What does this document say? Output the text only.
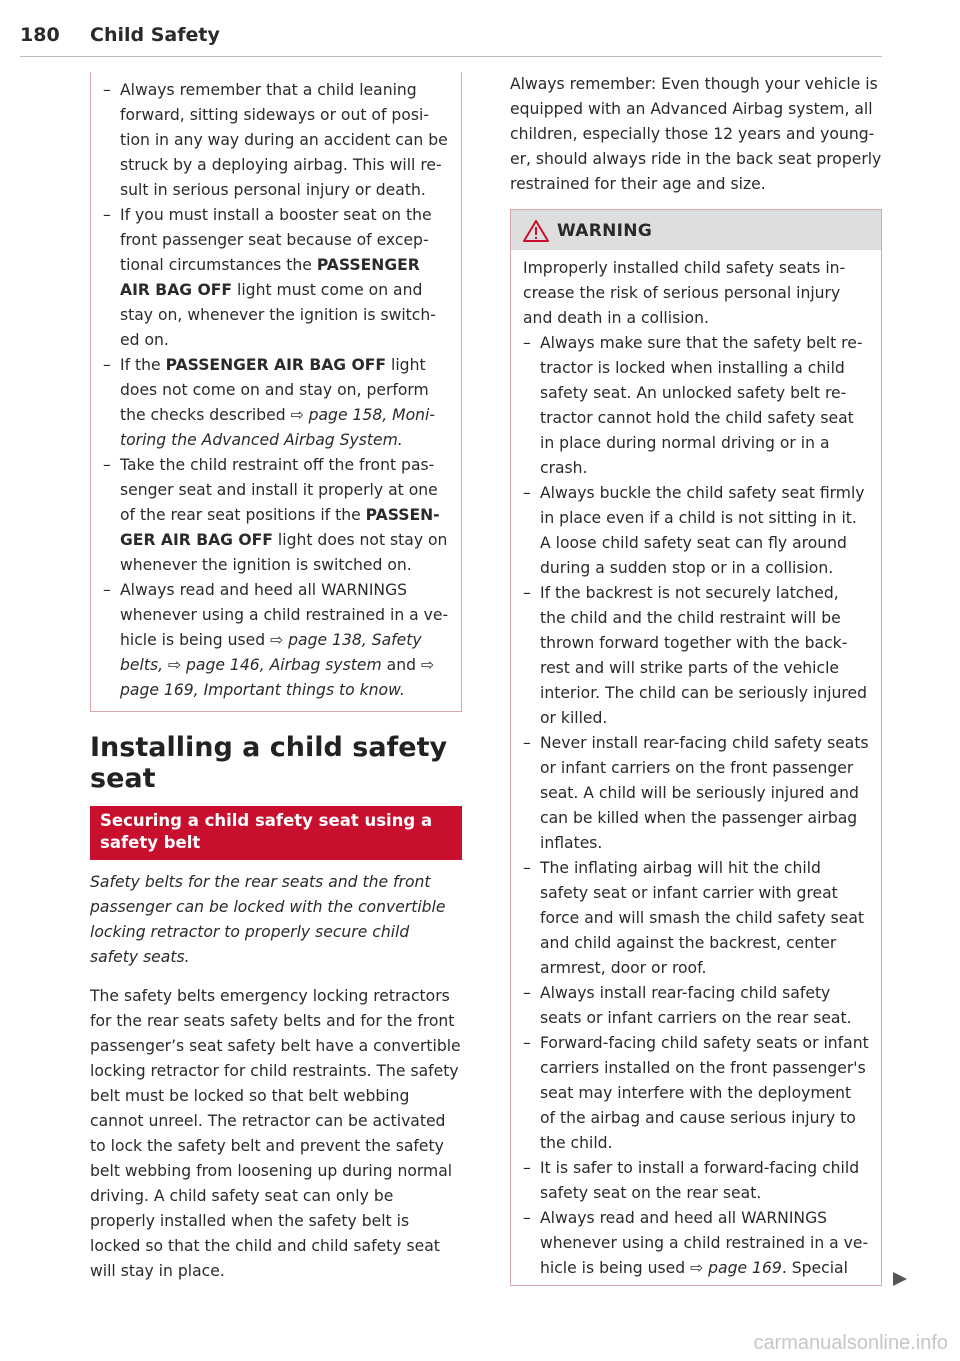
180 Child Safety
– Always remember that a child leaning forward, sitting sideways or out of position in any way during an accident can be struck by a deploying airbag. This will result in serious personal injury or death.
– If you must install a booster seat on the front passenger seat because of exceptional circumstances the PASSENGER AIR BAG OFF light must come on and stay on, whenever the ignition is switched on.
– If the PASSENGER AIR BAG OFF light does not come on and stay on, perform the checks described ⇨ page 158, Monitoring the Advanced Airbag System.
– Take the child restraint off the front passenger seat and install it properly at one of the rear seat positions if the PASSENGER AIR BAG OFF light does not stay on whenever the ignition is switched on.
– Always read and heed all WARNINGS whenever using a child restrained in a vehicle is being used ⇨ page 138, Safety belts, ⇨ page 146, Airbag system and ⇨ page 169, Important things to know.
Installing a child safety seat
Securing a child safety seat using a safety belt

Safety belts for the rear seats and the front passenger can be locked with the convertible locking retractor to properly secure child safety seats.

The safety belts emergency locking retractors for the rear seats safety belts and for the front passenger’s seat safety belt have a convertible locking retractor for child restraints. The safety belt must be locked so that belt webbing cannot unreel. The retractor can be activated to lock the safety belt and prevent the safety belt webbing from loosening up during normal driving. A child safety seat can only be properly installed when the safety belt is locked so that the child and child safety seat will stay in place.

Always remember: Even though your vehicle is equipped with an Advanced Airbag system, all children, especially those 12 years and younger, should always ride in the back seat properly restrained for their age and size.

WARNING

Improperly installed child safety seats increase the risk of serious personal injury and death in a collision.

– Always make sure that the safety belt retractor is locked when installing a child safety seat. An unlocked safety belt retractor cannot hold the child safety seat in place during normal driving or in a crash.
– Always buckle the child safety seat firmly in place even if a child is not sitting in it. A loose child safety seat can fly around during a sudden stop or in a collision.
– If the backrest is not securely latched, the child and the child restraint will be thrown forward together with the backrest and will strike parts of the vehicle interior. The child can be seriously injured or killed.
– Never install rear-facing child safety seats or infant carriers on the front passenger seat. A child will be seriously injured and can be killed when the passenger airbag inflates.
– The inflating airbag will hit the child safety seat or infant carrier with great force and will smash the child safety seat and child against the backrest, center armrest, door or roof.
– Always install rear-facing child safety seats or infant carriers on the rear seat.
– Forward-facing child safety seats or infant carriers installed on the front passenger's seat may interfere with the deployment of the airbag and cause serious injury to the child.
– It is safer to install a forward-facing child safety seat on the rear seat.
– Always read and heed all WARNINGS whenever using a child restrained in a vehicle is being used ⇨ page 169. Special
carmanualsonline.info
